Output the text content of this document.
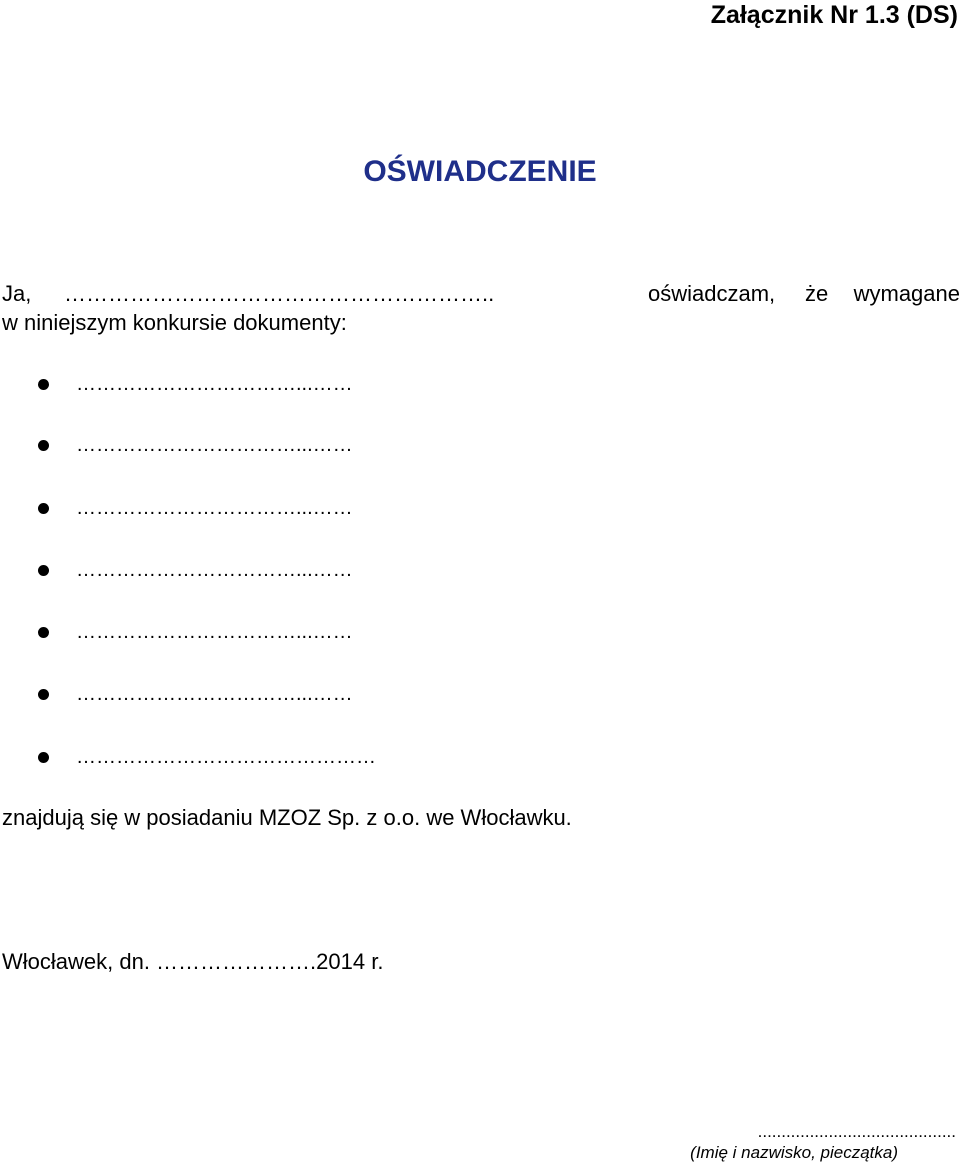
Załącznik Nr 1.3 (DS)
OŚWIADCZENIE
Ja, …………………………………………………..	oświadczam, że wymagane
w niniejszym konkursie dokumenty:
……………………………...……
……………………………...……
……………………………...……
……………………………...……
……………………………...……
……………………………...……
………………………………………
znajdują się w posiadaniu MZOZ Sp. z o.o. we Włocławku.
Włocławek, dn. ………………….2014 r.
..........................................
(Imię i nazwisko, pieczątka)
